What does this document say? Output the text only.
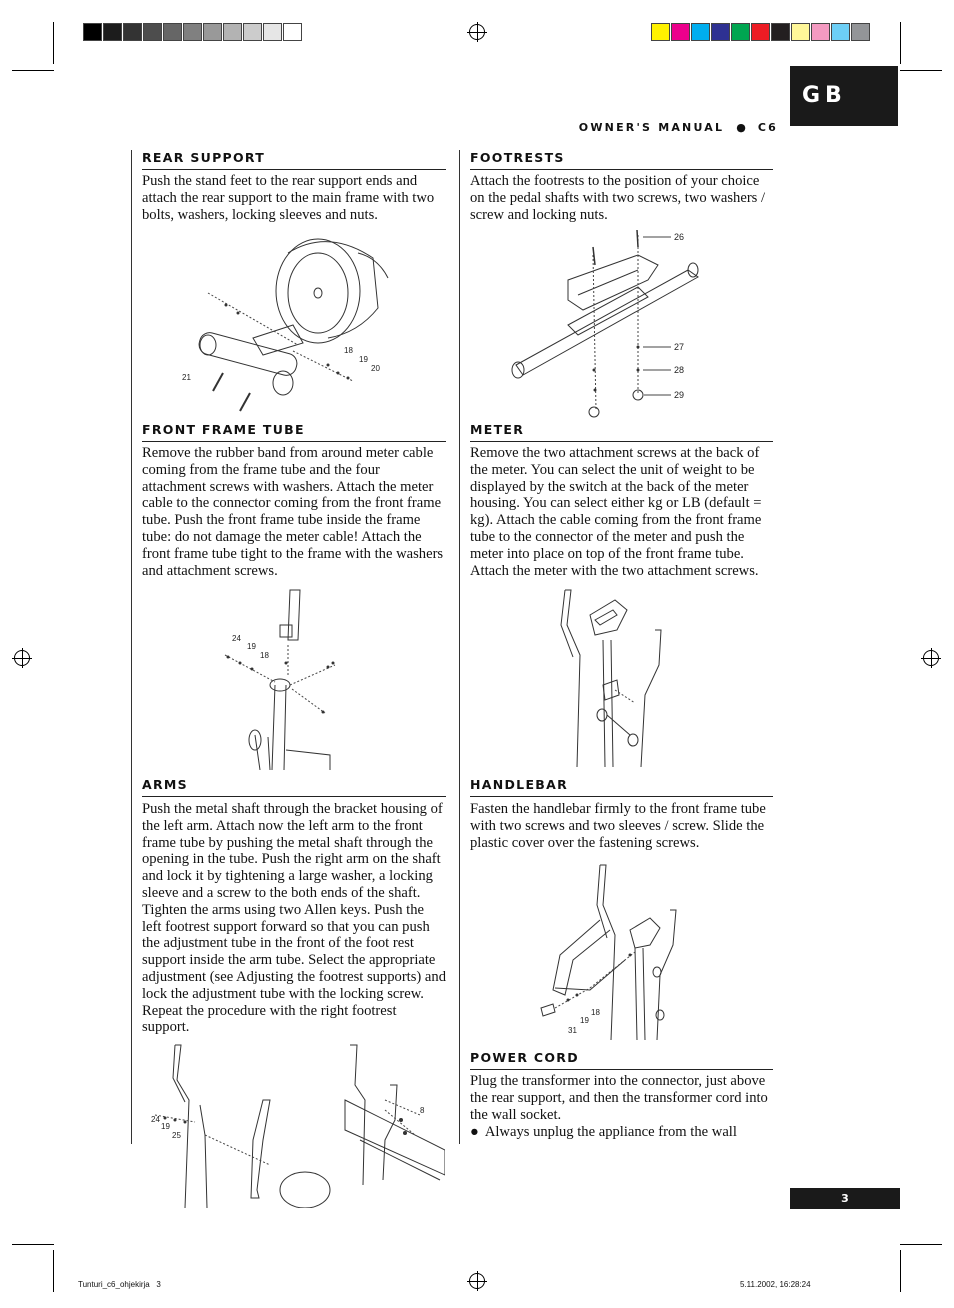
GB
OWNER'S MANUAL ● C6
REAR SUPPORT

Push the stand feet to the rear support ends and attach the rear support to the main frame with two bolts, washers, locking sleeves and nuts.

18
19
20
21
FRONT FRAME TUBE

Remove the rubber band from around meter cable coming from the frame tube and the four attachment screws with washers. Attach the meter cable to the connector coming from the front frame tube. Push the front frame tube inside the frame tube: do not damage the meter cable! Attach the front frame tube tight to the frame with the washers and attachment screws.

24
19
18
ARMS

Push the metal shaft through the bracket housing of the left arm. Attach now the left arm to the front frame tube by pushing the metal shaft through the opening in the tube. Push the right arm on the shaft and lock it by tightening a large washer, a locking sleeve and a screw to the both ends of the shaft. Tighten the arms using two Allen keys. Push the left footrest support forward so that you can push the adjustment tube in the front of the foot rest support inside the arm tube. Select the appropriate adjustment (see Adjusting the footrest supports) and lock the adjustment tube with the locking screw. Repeat the procedure with the right footrest support.

24
19
25
8
FOOTRESTS

Attach the footrests to the position of your choice on the pedal shafts with two screws, two washers / screw and locking nuts.

26
27
28
29
METER

Remove the two attachment screws at the back of the meter. You can select the unit of weight to be displayed by the switch at the back of the meter housing. You can select either kg or LB (default = kg). Attach the cable coming from the front frame tube to the connector of the meter and push the meter into place on top of the front frame tube. Attach the meter with the two attachment screws.

HANDLEBAR

Fasten the handlebar firmly to the front frame tube with two screws and two sleeves / screw. Slide the plastic cover over the fastening screws.

18
19
31
POWER CORD

Plug the transformer into the connector, just above the rear support, and then the transformer cord into the wall socket.

● Always unplug the appliance from the wall
3
Tunturi_c6_ohjekirja   3	5.11.2002, 16:28:24
